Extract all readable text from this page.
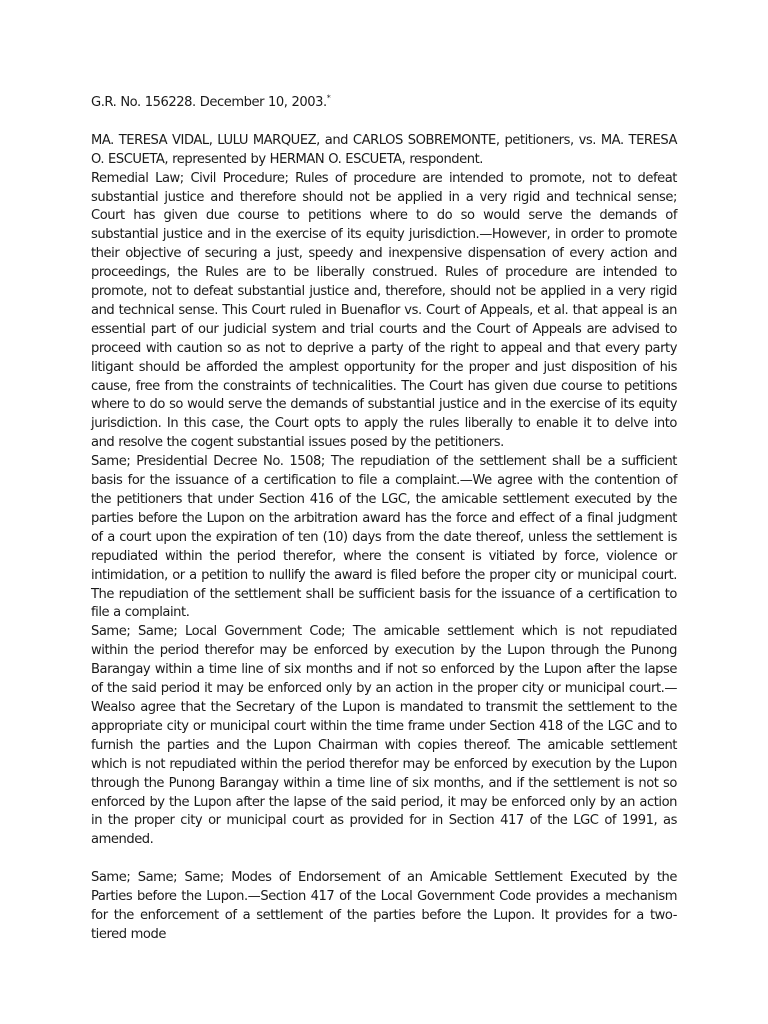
G.R. No. 156228. December 10, 2003.*

MA. TERESA VIDAL, LULU MARQUEZ, and CARLOS SOBREMONTE, petitioners, vs. MA. TERESA O. ESCUETA, represented by HERMAN O. ESCUETA, respondent.

Remedial Law; Civil Procedure; Rules of procedure are intended to promote, not to defeat substantial justice and therefore should not be applied in a very rigid and technical sense; Court has given due course to petitions where to do so would serve the demands of substantial justice and in the exercise of its equity jurisdiction.—However, in order to promote their objective of securing a just, speedy and inexpensive dispensation of every action and proceedings, the Rules are to be liberally construed. Rules of procedure are intended to promote, not to defeat substantial justice and, therefore, should not be applied in a very rigid and technical sense. This Court ruled in Buenaflor vs. Court of Appeals, et al. that appeal is an essential part of our judicial system and trial courts and the Court of Appeals are advised to proceed with caution so as not to deprive a party of the right to appeal and that every party litigant should be afforded the amplest opportunity for the proper and just disposition of his cause, free from the constraints of technicalities. The Court has given due course to petitions where to do so would serve the demands of substantial justice and in the exercise of its equity jurisdiction. In this case, the Court opts to apply the rules liberally to enable it to delve into and resolve the cogent substantial issues posed by the petitioners.

Same; Presidential Decree No. 1508; The repudiation of the settlement shall be a sufficient basis for the issuance of a certification to file a complaint.—We agree with the contention of the petitioners that under Section 416 of the LGC, the amicable settlement executed by the parties before the Lupon on the arbitration award has the force and effect of a final judgment of a court upon the expiration of ten (10) days from the date thereof, unless the settlement is repudiated within the period therefor, where the consent is vitiated by force, violence or intimidation, or a petition to nullify the award is filed before the proper city or municipal court. The repudiation of the settlement shall be sufficient basis for the issuance of a certification to file a complaint.

Same; Same; Local Government Code; The amicable settlement which is not repudiated within the period therefor may be enforced by execution by the Lupon through the Punong Barangay within a time line of six months and if not so enforced by the Lupon after the lapse of the said period it may be enforced only by an action in the proper city or municipal court.—Wealso agree that the Secretary of the Lupon is mandated to transmit the settlement to the appropriate city or municipal court within the time frame under Section 418 of the LGC and to furnish the parties and the Lupon Chairman with copies thereof. The amicable settlement which is not repudiated within the period therefor may be enforced by execution by the Lupon through the Punong Barangay within a time line of six months, and if the settlement is not so enforced by the Lupon after the lapse of the said period, it may be enforced only by an action in the proper city or municipal court as provided for in Section 417 of the LGC of 1991, as amended.

Same; Same; Same; Modes of Endorsement of an Amicable Settlement Executed by the Parties before the Lupon.—Section 417 of the Local Government Code provides a mechanism for the enforcement of a settlement of the parties before the Lupon. It provides for a two-tiered mode
